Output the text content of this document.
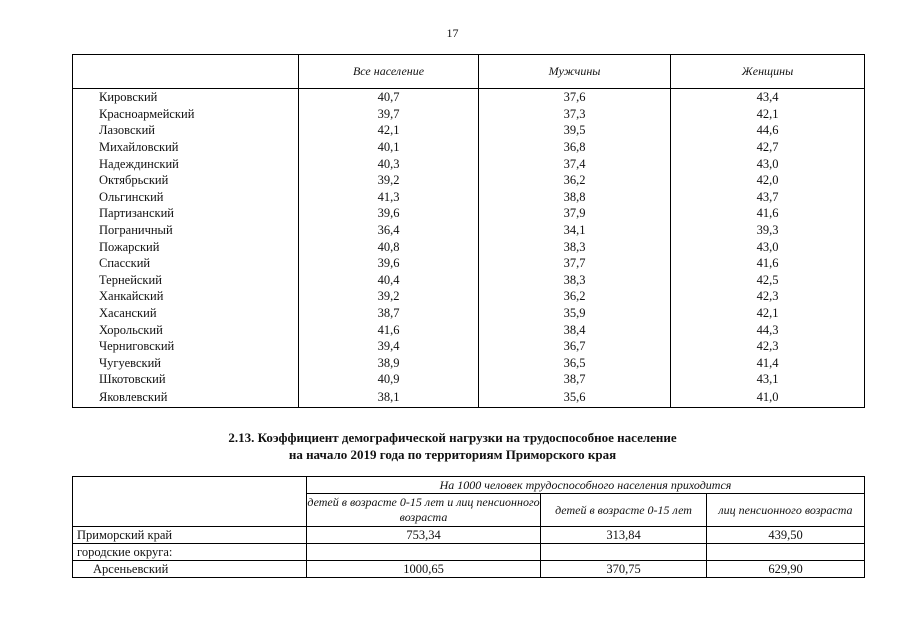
17
	Все население	Мужчины	Женщины
Кировский	40,7	37,6	43,4
Красноармейский	39,7	37,3	42,1
Лазовский	42,1	39,5	44,6
Михайловский	40,1	36,8	42,7
Надеждинский	40,3	37,4	43,0
Октябрьский	39,2	36,2	42,0
Ольгинский	41,3	38,8	43,7
Партизанский	39,6	37,9	41,6
Пограничный	36,4	34,1	39,3
Пожарский	40,8	38,3	43,0
Спасский	39,6	37,7	41,6
Тернейский	40,4	38,3	42,5
Ханкайский	39,2	36,2	42,3
Хасанский	38,7	35,9	42,1
Хорольский	41,6	38,4	44,3
Черниговский	39,4	36,7	42,3
Чугуевский	38,9	36,5	41,4
Шкотовский	40,9	38,7	43,1
Яковлевский	38,1	35,6	41,0
2.13. Коэффициент демографической нагрузки на трудоспособное население
на начало 2019 года по территориям Приморского края
	На 1000 человек трудоспособного населения приходится		
	детей в возрасте 0-15 лет и лиц пенсионного возраста	детей в возрасте 0-15 лет	лиц пенсионного возраста
Приморский край	753,34	313,84	439,50
городские округа:			
Арсеньевский	1000,65	370,75	629,90
